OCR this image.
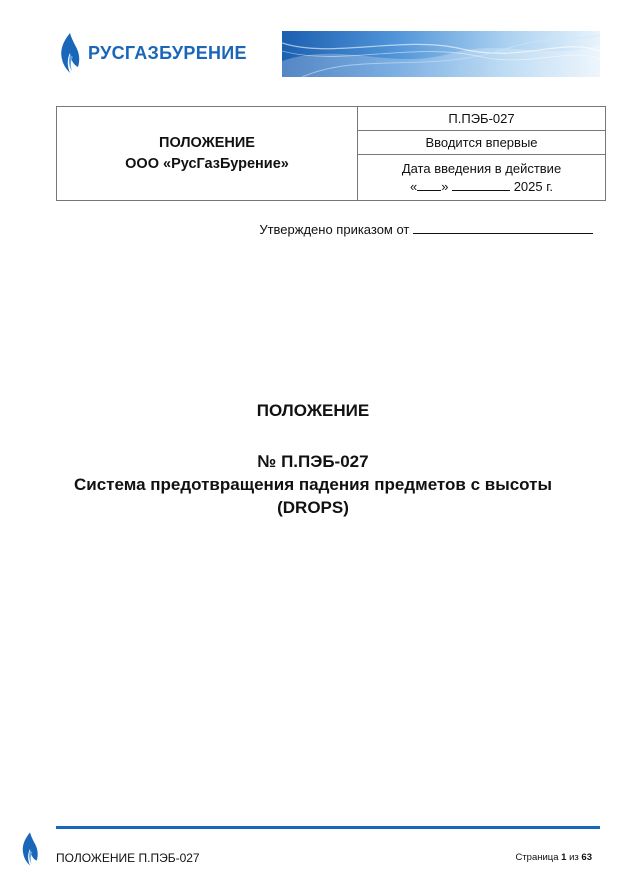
РУСГАЗБУРЕНИЕ
ПОЛОЖЕНИЕ
ООО «РусГазБурение»
	П.ПЭБ-027
Вводится впервые

Дата введения в действие
« »	2025 г.
Утверждено приказом от
ПОЛОЖЕНИЕ
№ П.ПЭБ-027
Система предотвращения падения предметов с высоты
(DROPS)
ПОЛОЖЕНИЕ П.ПЭБ-027	Страница 1 из 63
